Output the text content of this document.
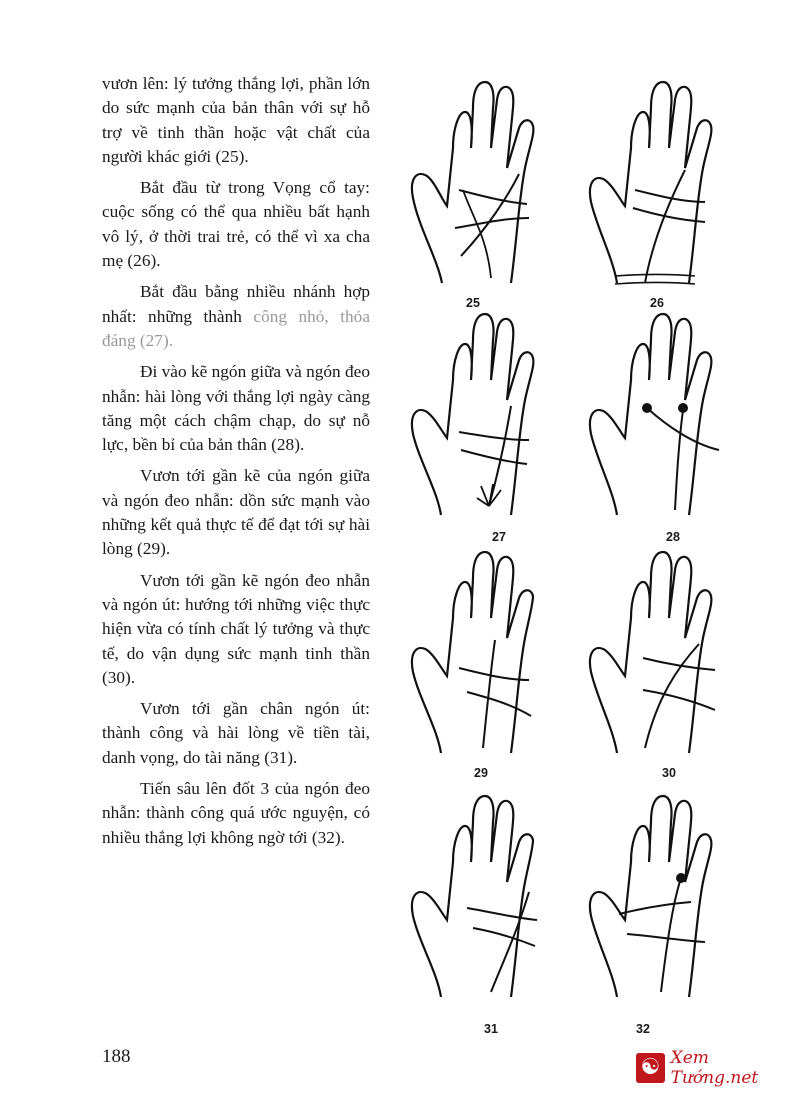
vươn lên: lý tưởng thắng lợi, phần lớn do sức mạnh của bản thân với sự hỗ trợ về tinh thần hoặc vật chất của người khác giới (25).

Bắt đầu từ trong Vọng cổ tay: cuộc sống có thể qua nhiều bất hạnh vô lý, ở thời trai trẻ, có thể vì xa cha mẹ (26).

Bắt đầu bằng nhiều nhánh hợp nhất: những thành công nhỏ, thỏa đáng (27).

Đi vào kẽ ngón giữa và ngón đeo nhẫn: hài lòng với thắng lợi ngày càng tăng một cách chậm chạp, do sự nỗ lực, bền bỉ của bản thân (28).

Vươn tới gần kẽ của ngón giữa và ngón đeo nhẫn: dồn sức mạnh vào những kết quả thực tế để đạt tới sự hài lòng (29).

Vươn tới gần kẽ ngón đeo nhẫn và ngón út: hướng tới những việc thực hiện vừa có tính chất lý tưởng và thực tế, do vận dụng sức mạnh tinh thần (30).

Vươn tới gần chân ngón út: thành công và hài lòng về tiền tài, danh vọng, do tài năng (31).

Tiến sâu lên đốt 3 của ngón đeo nhẫn: thành công quá ước nguyện, có nhiều thắng lợi không ngờ tới (32).

25	26
27	28
29	30
31	32
188	☯ Xem Tướng.net
